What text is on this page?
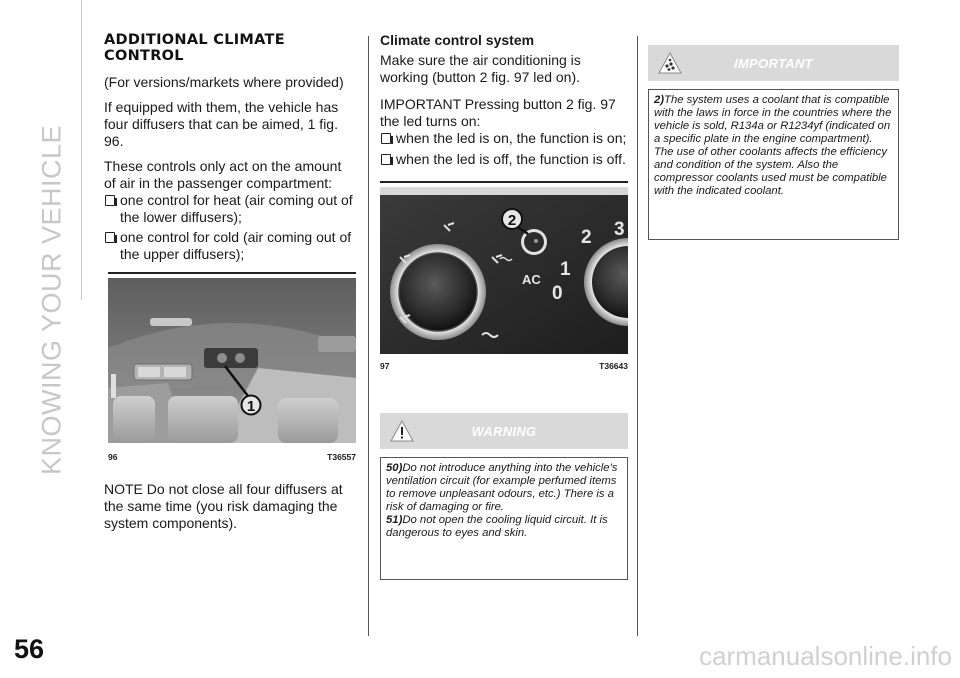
KNOWING YOUR VEHICLE
56
ADDITIONAL CLIMATE
CONTROL

(For versions/markets where provided)

If equipped with them, the vehicle has four diffusers that can be aimed, 1 fig. 96.

These controls only act on the amount of air in the passenger compartment:

one control for heat (air coming out of the lower diffusers);
one control for cold (air coming out of the upper diffusers);
1
96	T36557

NOTE Do not close all four diffusers at the same time (you risk damaging the system components).

Climate control system

Make sure the air conditioning is working (button 2 fig. 97 led on).

IMPORTANT Pressing button 2 fig. 97 the led turns on:

when the led is on, the function is on;
when the led is off, the function is off.
AC 1
2 3
0
2
97	T36643
WARNING

50)Do not introduce anything into the vehicle's ventilation circuit (for example perfumed items to remove unpleasant odours, etc.) There is a risk of damaging or fire.

51)Do not open the cooling liquid circuit. It is dangerous to eyes and skin.

IMPORTANT

2)The system uses a coolant that is compatible with the laws in force in the countries where the vehicle is sold, R134a or R1234yf (indicated on a specific plate in the engine compartment). The use of other coolants affects the efficiency and condition of the system. Also the compressor coolants used must be compatible with the indicated coolant.

carmanualsonline.info
